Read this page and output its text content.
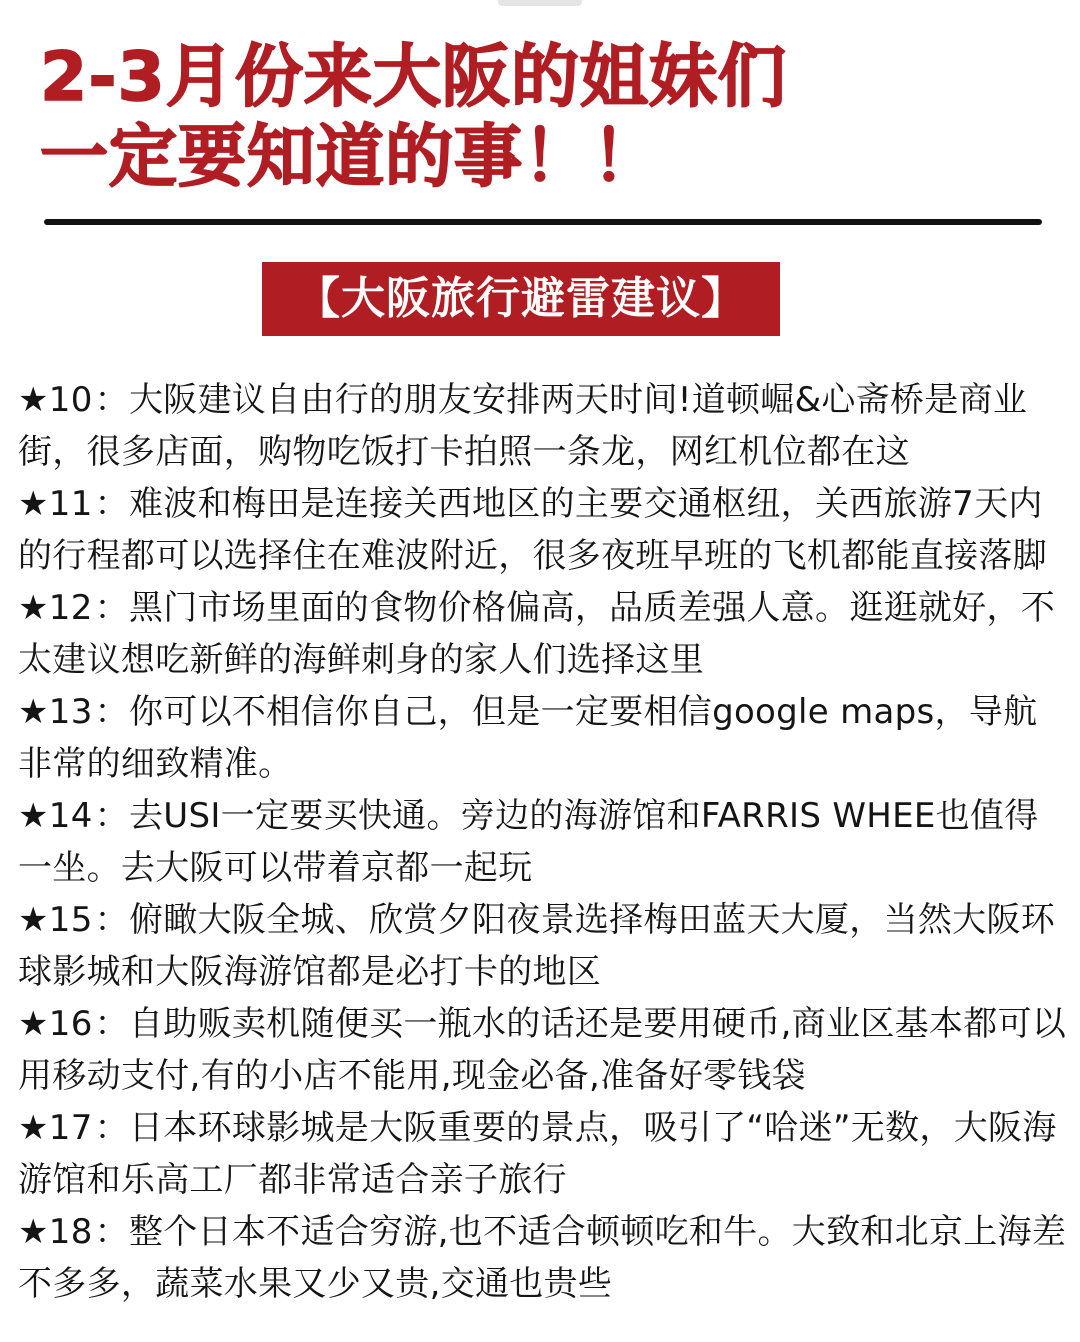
2-3月份来大阪的姐妹们
一定要知道的事！！
【大阪旅行避雷建议】
★10：大阪建议自由行的朋友安排两天时间!道顿崛&心斋桥是商业街，很多店面，购物吃饭打卡拍照一条龙，网红机位都在这
★11：难波和梅田是连接关西地区的主要交通枢纽，关西旅游7天内的行程都可以选择住在难波附近，很多夜班早班的飞机都能直接落脚
★12：黑门市场里面的食物价格偏高，品质差强人意。逛逛就好，不太建议想吃新鲜的海鲜刺身的家人们选择这里
★13：你可以不相信你自己，但是一定要相信google maps，导航非常的细致精准。
★14：去USI一定要买快通。旁边的海游馆和FARRIS WHEE也值得一坐。去大阪可以带着京都一起玩
★15：俯瞰大阪全城、欣赏夕阳夜景选择梅田蓝天大厦，当然大阪环球影城和大阪海游馆都是必打卡的地区
★16：自助贩卖机随便买一瓶水的话还是要用硬币,商业区基本都可以用移动支付,有的小店不能用,现金必备,准备好零钱袋
★17：日本环球影城是大阪重要的景点，吸引了“哈迷”无数，大阪海游馆和乐高工厂都非常适合亲子旅行
★18：整个日本不适合穷游,也不适合顿顿吃和牛。大致和北京上海差不多多，蔬菜水果又少又贵,交通也贵些
